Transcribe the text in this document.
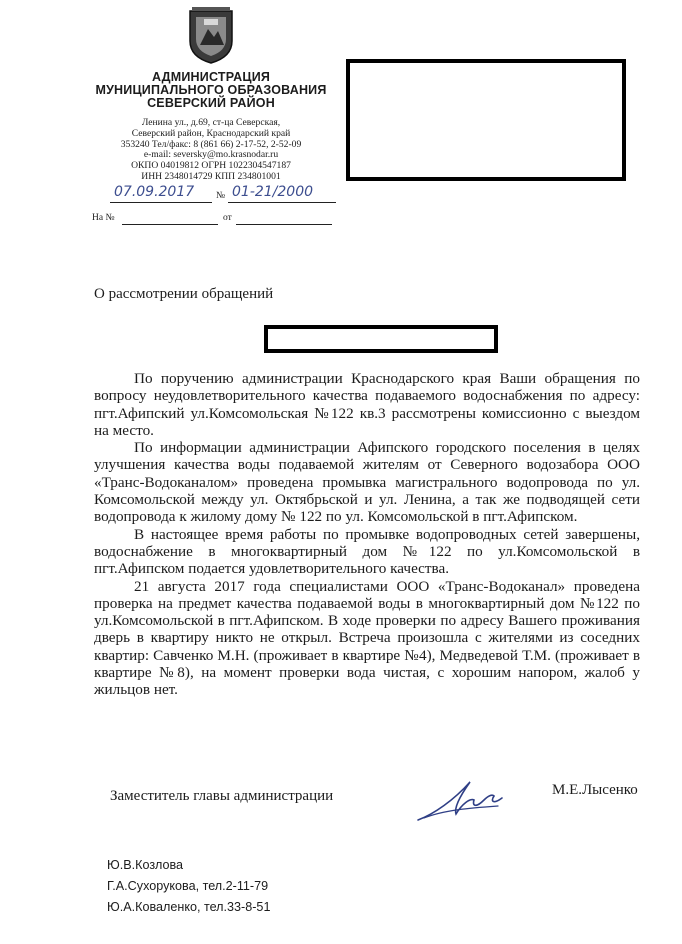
АДМИНИСТРАЦИЯ
МУНИЦИПАЛЬНОГО ОБРАЗОВАНИЯ
СЕВЕРСКИЙ РАЙОН
Ленина ул., д.69, ст-ца Северская,
Северский район, Краснодарский край
353240 Тел/факс: 8 (861 66) 2-17-52, 2-52-09
e-mail: seversky@mo.krasnodar.ru
ОКПО 04019812 ОГРН 1022304547187
ИНН 2348014729 КПП 234801001
07.09.2017 № 01-21/2000
На №	от
О рассмотрении обращений

По поручению администрации Краснодарского края Ваши обращения по вопросу неудовлетворительного качества подаваемого водоснабжения по адресу: пгт.Афипский ул.Комсомольская №122 кв.3 рассмотрены комиссионно с выездом на место.

По информации администрации Афипского городского поселения в целях улучшения качества воды подаваемой жителям от Северного водозабора ООО «Транс-Водоканалом» проведена промывка магистрального водопровода по ул. Комсомольской между ул. Октябрьской и ул. Ленина, а так же подводящей сети водопровода к жилому дому № 122 по ул. Комсомольской в пгт.Афипском.

В настоящее время работы по промывке водопроводных сетей завершены, водоснабжение в многоквартирный дом №122 по ул.Комсомольской в пгт.Афипском подается удовлетворительного качества.

21 августа 2017 года специалистами ООО «Транс-Водоканал» проведена проверка на предмет качества подаваемой воды в многоквартирный дом №122 по ул.Комсомольской в пгт.Афипском. В ходе проверки по адресу Вашего проживания дверь в квартиру никто не открыл. Встреча произошла с жителями из соседних квартир: Савченко М.Н. (проживает в квартире №4), Медведевой Т.М. (проживает в квартире №8), на момент проверки вода чистая, с хорошим напором, жалоб у жильцов нет.

Заместитель главы администрации	М.Е.Лысенко
Ю.В.Козлова
Г.А.Сухорукова, тел.2-11-79
Ю.А.Коваленко, тел.33-8-51
